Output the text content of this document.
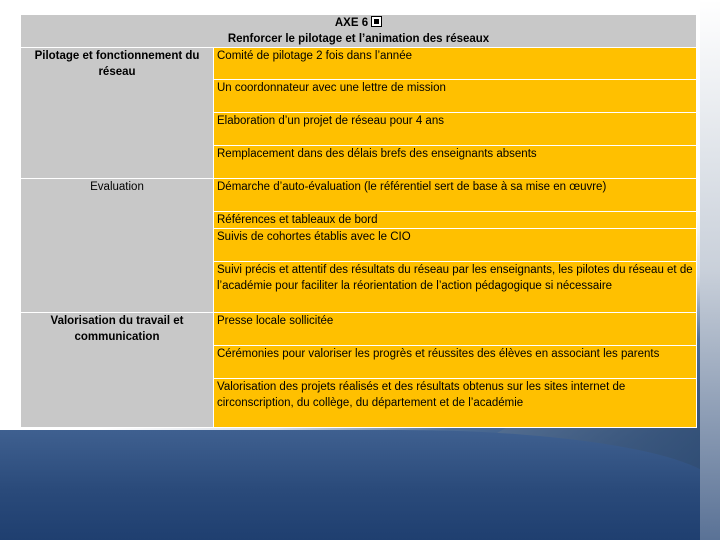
AXE 6
Renforcer le pilotage et l’animation des réseaux	

Pilotage et fonctionnement du réseau	Comité de pilotage 2 fois dans l’année
	Un coordonnateur avec une lettre de mission
	Elaboration d’un projet de réseau pour 4 ans
	Remplacement dans des délais brefs des enseignants absents
Evaluation	Démarche d’auto-évaluation (le référentiel sert de base à sa mise en œuvre)
	Références et tableaux de bord
	Suivis de cohortes établis avec le CIO
	Suivi précis et attentif des résultats du réseau par les enseignants, les pilotes du réseau et de l’académie pour faciliter la réorientation de l’action pédagogique si nécessaire
Valorisation du travail et communication	Presse locale sollicitée
	Cérémonies pour valoriser les progrès et réussites des élèves en associant les parents
	Valorisation des projets réalisés et des résultats obtenus sur les sites internet de circonscription, du collège, du département et de l’académie
